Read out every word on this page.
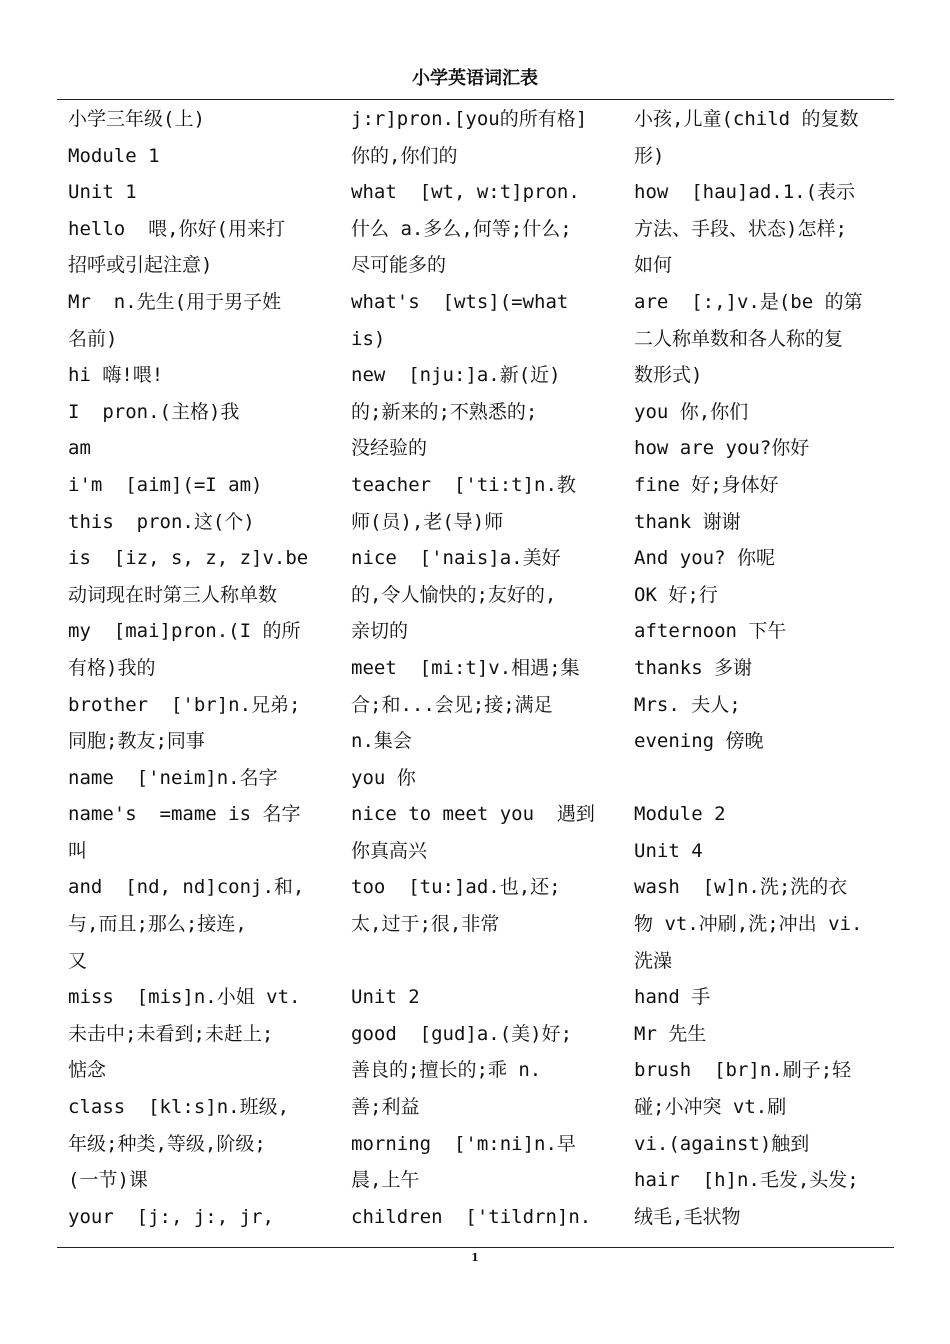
小学英语词汇表
小学三年级(上)
Module 1
Unit 1
hello  喂,你好(用来打
招呼或引起注意)
Mr  n.先生(用于男子姓
名前)
hi 嗨!喂!
I  pron.(主格)我
am
i'm  [aim](=I am)
this  pron.这(个)
is  [iz, s, z, z]v.be
动词现在时第三人称单数
my  [mai]pron.(I 的所
有格)我的
brother  ['br]n.兄弟;
同胞;教友;同事
name  ['neim]n.名字
name's  =mame is 名字
叫
and  [nd, nd]conj.和,
与,而且;那么;接连,
又
miss  [mis]n.小姐 vt.
未击中;未看到;未赶上;
惦念
class  [kl:s]n.班级,
年级;种类,等级,阶级;
(一节)课
your  [j:, j:, jr,
j:r]pron.[you的所有格]
你的,你们的
what  [wt, w:t]pron.
什么 a.多么,何等;什么;
尽可能多的
what's  [wts](=what
is)
new  [nju:]a.新(近)
的;新来的;不熟悉的;
没经验的
teacher  ['ti:t]n.教
师(员),老(导)师
nice  ['nais]a.美好
的,令人愉快的;友好的,
亲切的
meet  [mi:t]v.相遇;集
合;和...会见;接;满足
n.集会
you 你
nice to meet you  遇到
你真高兴
too  [tu:]ad.也,还;
太,过于;很,非常
Unit 2
good  [gud]a.(美)好;
善良的;擅长的;乖 n.
善;利益
morning  ['m:ni]n.早
晨,上午
children  ['tildrn]n.
小孩,儿童(child 的复数
形)
how  [hau]ad.1.(表示
方法、手段、状态)怎样;
如何
are  [:,]v.是(be 的第
二人称单数和各人称的复
数形式)
you 你,你们
how are you?你好
fine 好;身体好
thank 谢谢
And you? 你呢
OK 好;行
afternoon 下午
thanks 多谢
Mrs. 夫人;
evening 傍晚
Module 2
Unit 4
wash  [w]n.洗;洗的衣
物 vt.冲刷,洗;冲出 vi.
洗澡
hand 手
Mr 先生
brush  [br]n.刷子;轻
碰;小冲突 vt.刷
vi.(against)触到
hair  [h]n.毛发,头发;
绒毛,毛状物
1
